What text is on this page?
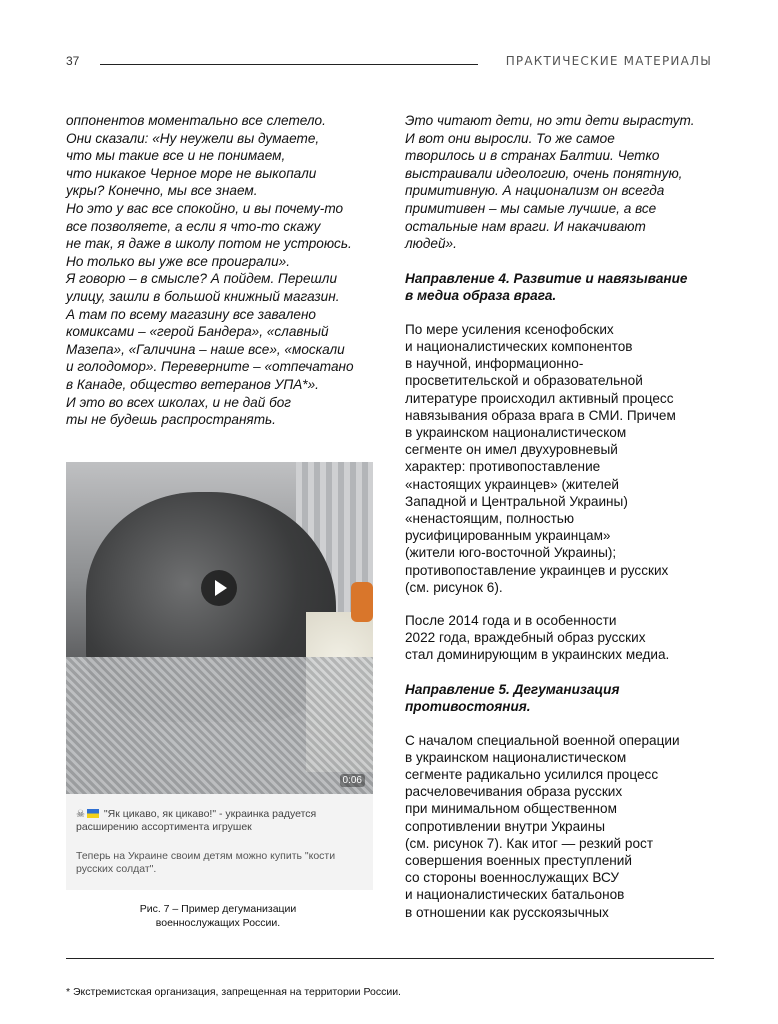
37	ПРАКТИЧЕСКИЕ МАТЕРИАЛЫ

оппонентов моментально все слетело.
Они сказали: «Ну неужели вы думаете,
что мы такие все и не понимаем,
что никакое Черное море не выкопали
укры? Конечно, мы все знаем.
Но это у вас все спокойно, и вы почему-то
все позволяете, а если я что-то скажу
не так, я даже в школу потом не устроюсь.
Но только вы уже все проиграли».
Я говорю – в смысле? А пойдем. Перешли
улицу, зашли в большой книжный магазин.
А там по всему магазину все завалено
комиксами – «герой Бандера», «славный
Мазепа», «Галичина – наше все», «москали
и голодомор». Переверните – «отпечатано
в Канаде, общество ветеранов УПА*».
И это во всех школах, и не дай бог
ты не будешь распространять.

0:06
☠ "Як цикаво, як цикаво!" - украинка радуется расширению ассортимента игрушек
Теперь на Украине своим детям можно купить "кости русских солдат".
Рис. 7 – Пример дегуманизации
военнослужащих России.

Это читают дети, но эти дети вырастут.
И вот они выросли. То же самое
творилось и в странах Балтии. Четко
выстраивали идеологию, очень понятную,
примитивную. А национализм он всегда
примитивен – мы самые лучшие, а все
остальные нам враги. И накачивают
людей».

Направление 4. Развитие и навязывание
в медиа образа врага.

По мере усиления ксенофобских
и националистических компонентов
в научной, информационно-
просветительской и образовательной
литературе происходил активный процесс
навязывания образа врага в СМИ. Причем
в украинском националистическом
сегменте он имел двухуровневый
характер: противопоставление
«настоящих украинцев» (жителей
Западной и Центральной Украины)
«ненастоящим, полностью
русифицированным украинцам»
(жители юго-восточной Украины);
противопоставление украинцев и русских
(см. рисунок 6).

После 2014 года и в особенности
2022 года, враждебный образ русских
стал доминирующим в украинских медиа.

Направление 5. Дегуманизация
противостояния.

С началом специальной военной операции
в украинском националистическом
сегменте радикально усилился процесс
расчеловечивания образа русских
при минимальном общественном
сопротивлении внутри Украины
(см. рисунок 7). Как итог — резкий рост
совершения военных преступлений
со стороны военнослужащих ВСУ
и националистических батальонов
в отношении как русскоязычных

* Экстремистская организация, запрещенная на территории России.
